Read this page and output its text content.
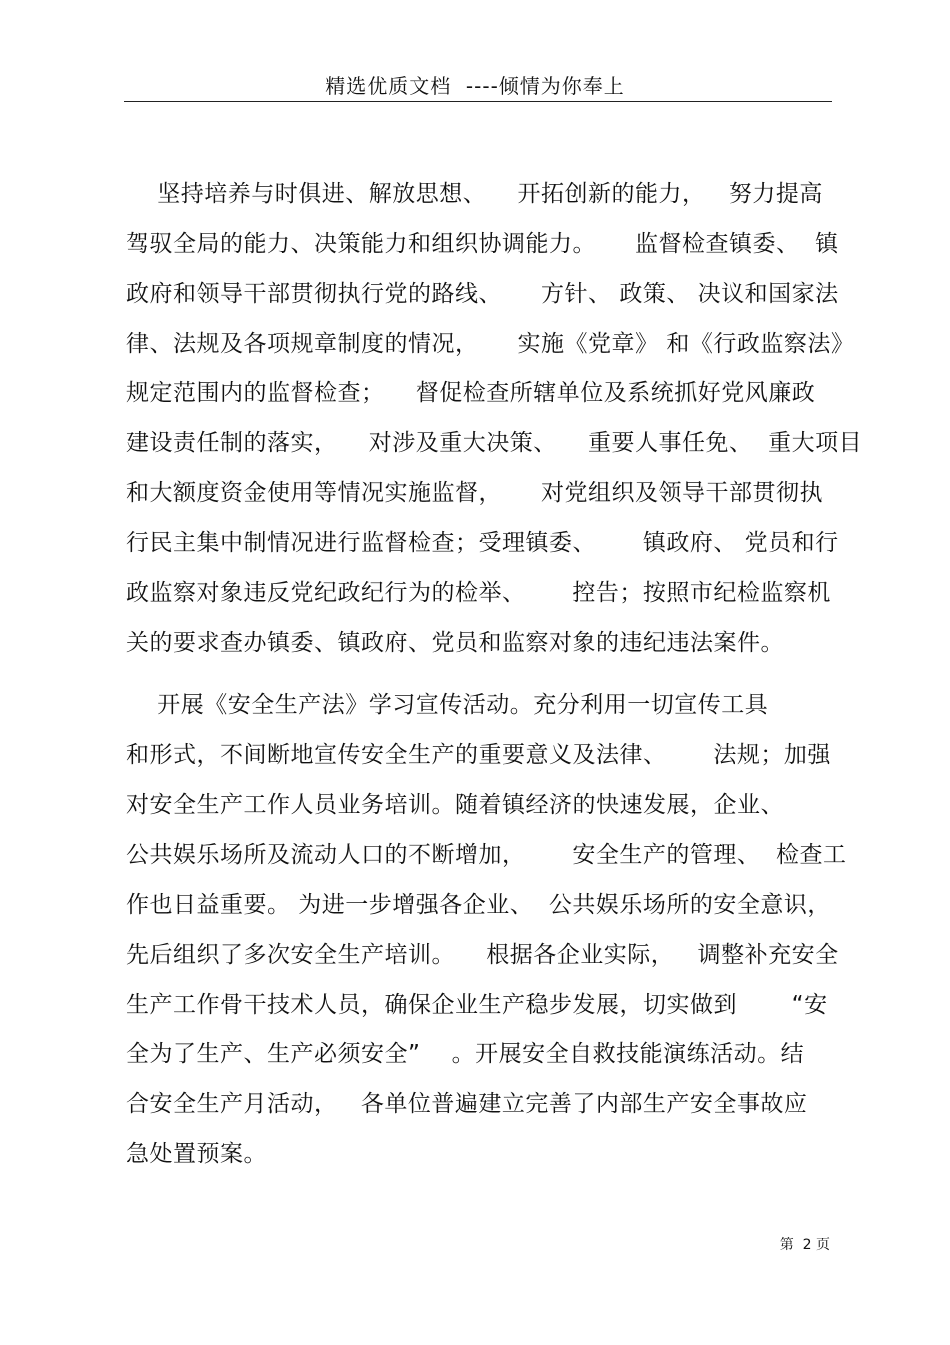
精选优质文档  ----倾情为你奉上
坚持培养与时俱进、解放思想、    开拓创新的能力，   努力提高
驾驭全局的能力、决策能力和组织协调能力。     监督检查镇委、  镇
政府和领导干部贯彻执行党的路线、     方针、 政策、 决议和国家法
律、法规及各项规章制度的情况，     实施《党章》 和《行政监察法》
规定范围内的监督检查；    督促检查所辖单位及系统抓好党风廉政
建设责任制的落实，    对涉及重大决策、    重要人事任免、  重大项目
和大额度资金使用等情况实施监督，     对党组织及领导干部贯彻执
行民主集中制情况进行监督检查；受理镇委、      镇政府、 党员和行
政监察对象违反党纪政纪行为的检举、      控告；按照市纪检监察机
关的要求查办镇委、镇政府、党员和监察对象的违纪违法案件。
开展《安全生产法》学习宣传活动。充分利用一切宣传工具
和形式，不间断地宣传安全生产的重要意义及法律、      法规；加强
对安全生产工作人员业务培训。随着镇经济的快速发展，企业、
公共娱乐场所及流动人口的不断增加，      安全生产的管理、  检查工
作也日益重要。 为进一步增强各企业、  公共娱乐场所的安全意识，
先后组织了多次安全生产培训。    根据各企业实际，   调整补充安全
生产工作骨干技术人员，确保企业生产稳步发展，切实做到       “安
全为了生产、生产必须安全”    。开展安全自救技能演练活动。结
合安全生产月活动，   各单位普遍建立完善了内部生产安全事故应
急处置预案。
第  2 页
